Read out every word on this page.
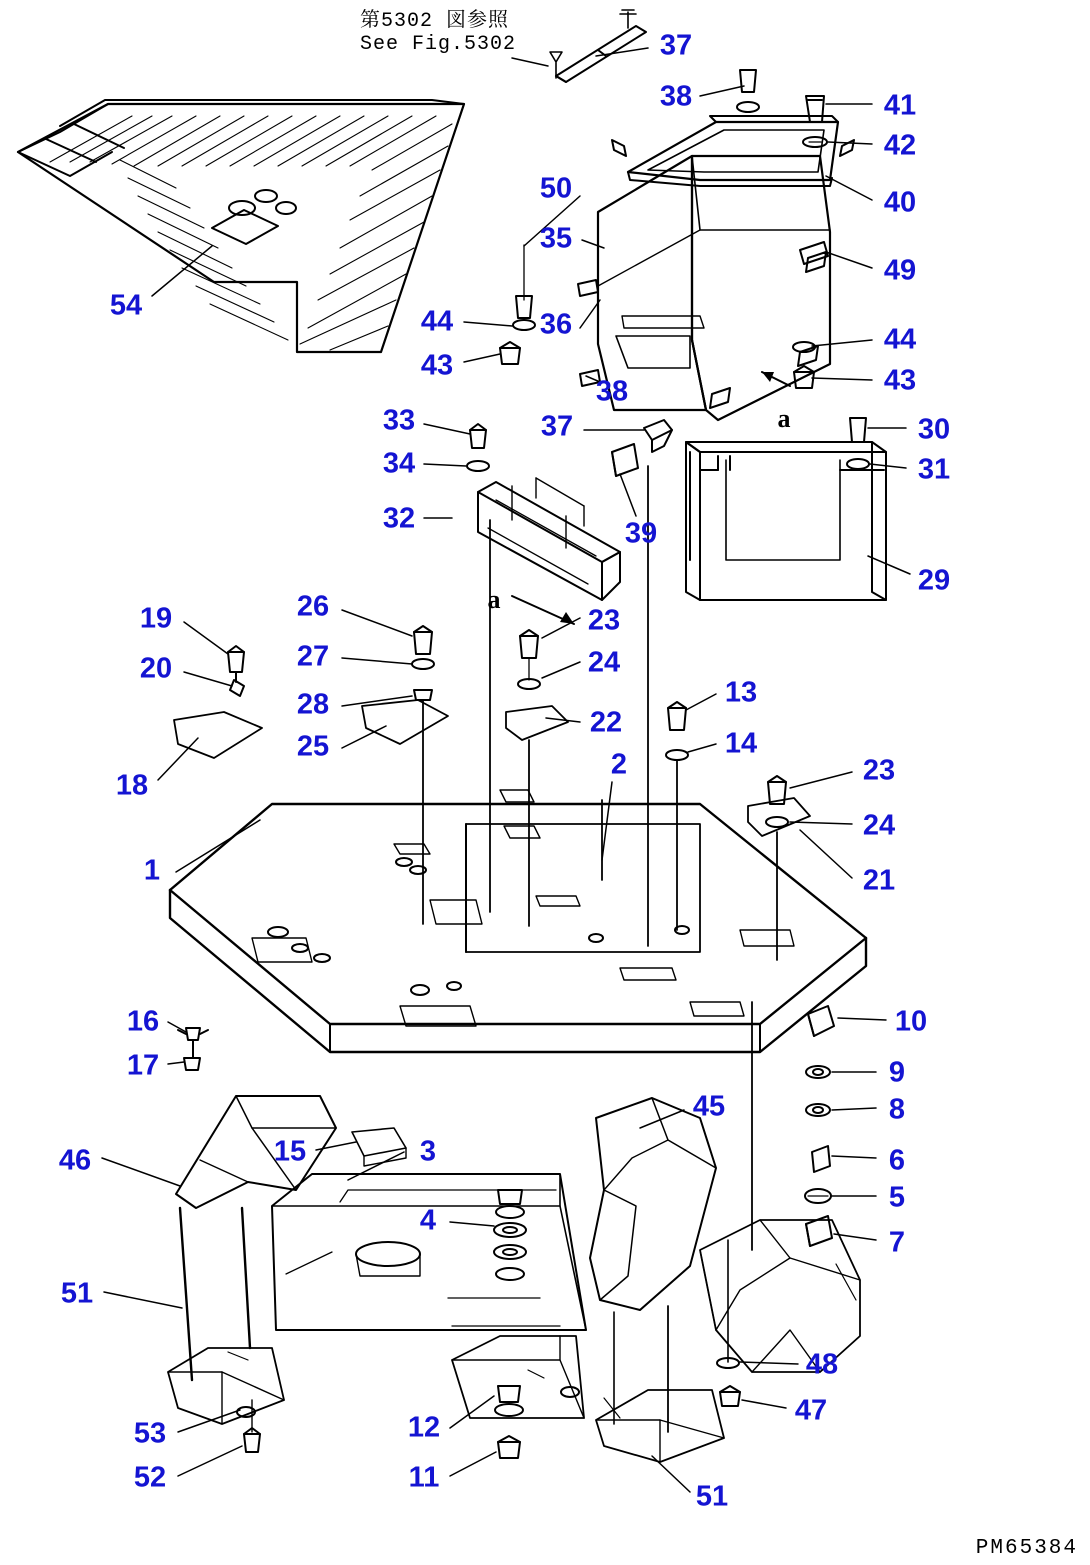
第5302 図参照
See Fig.5302
PM65384
37
38	41
42
40
49
50
35
44	36
43
38
44
43
30
31
33
34
32
37
39
29
19
20
26
27
28
25
23
24
22
2
13
14
23
24
21
18
1
16
17
10
9
8
6
5
7
45
15	3
46
4
51
53
52
12
11
48
47
51
54
a
a
